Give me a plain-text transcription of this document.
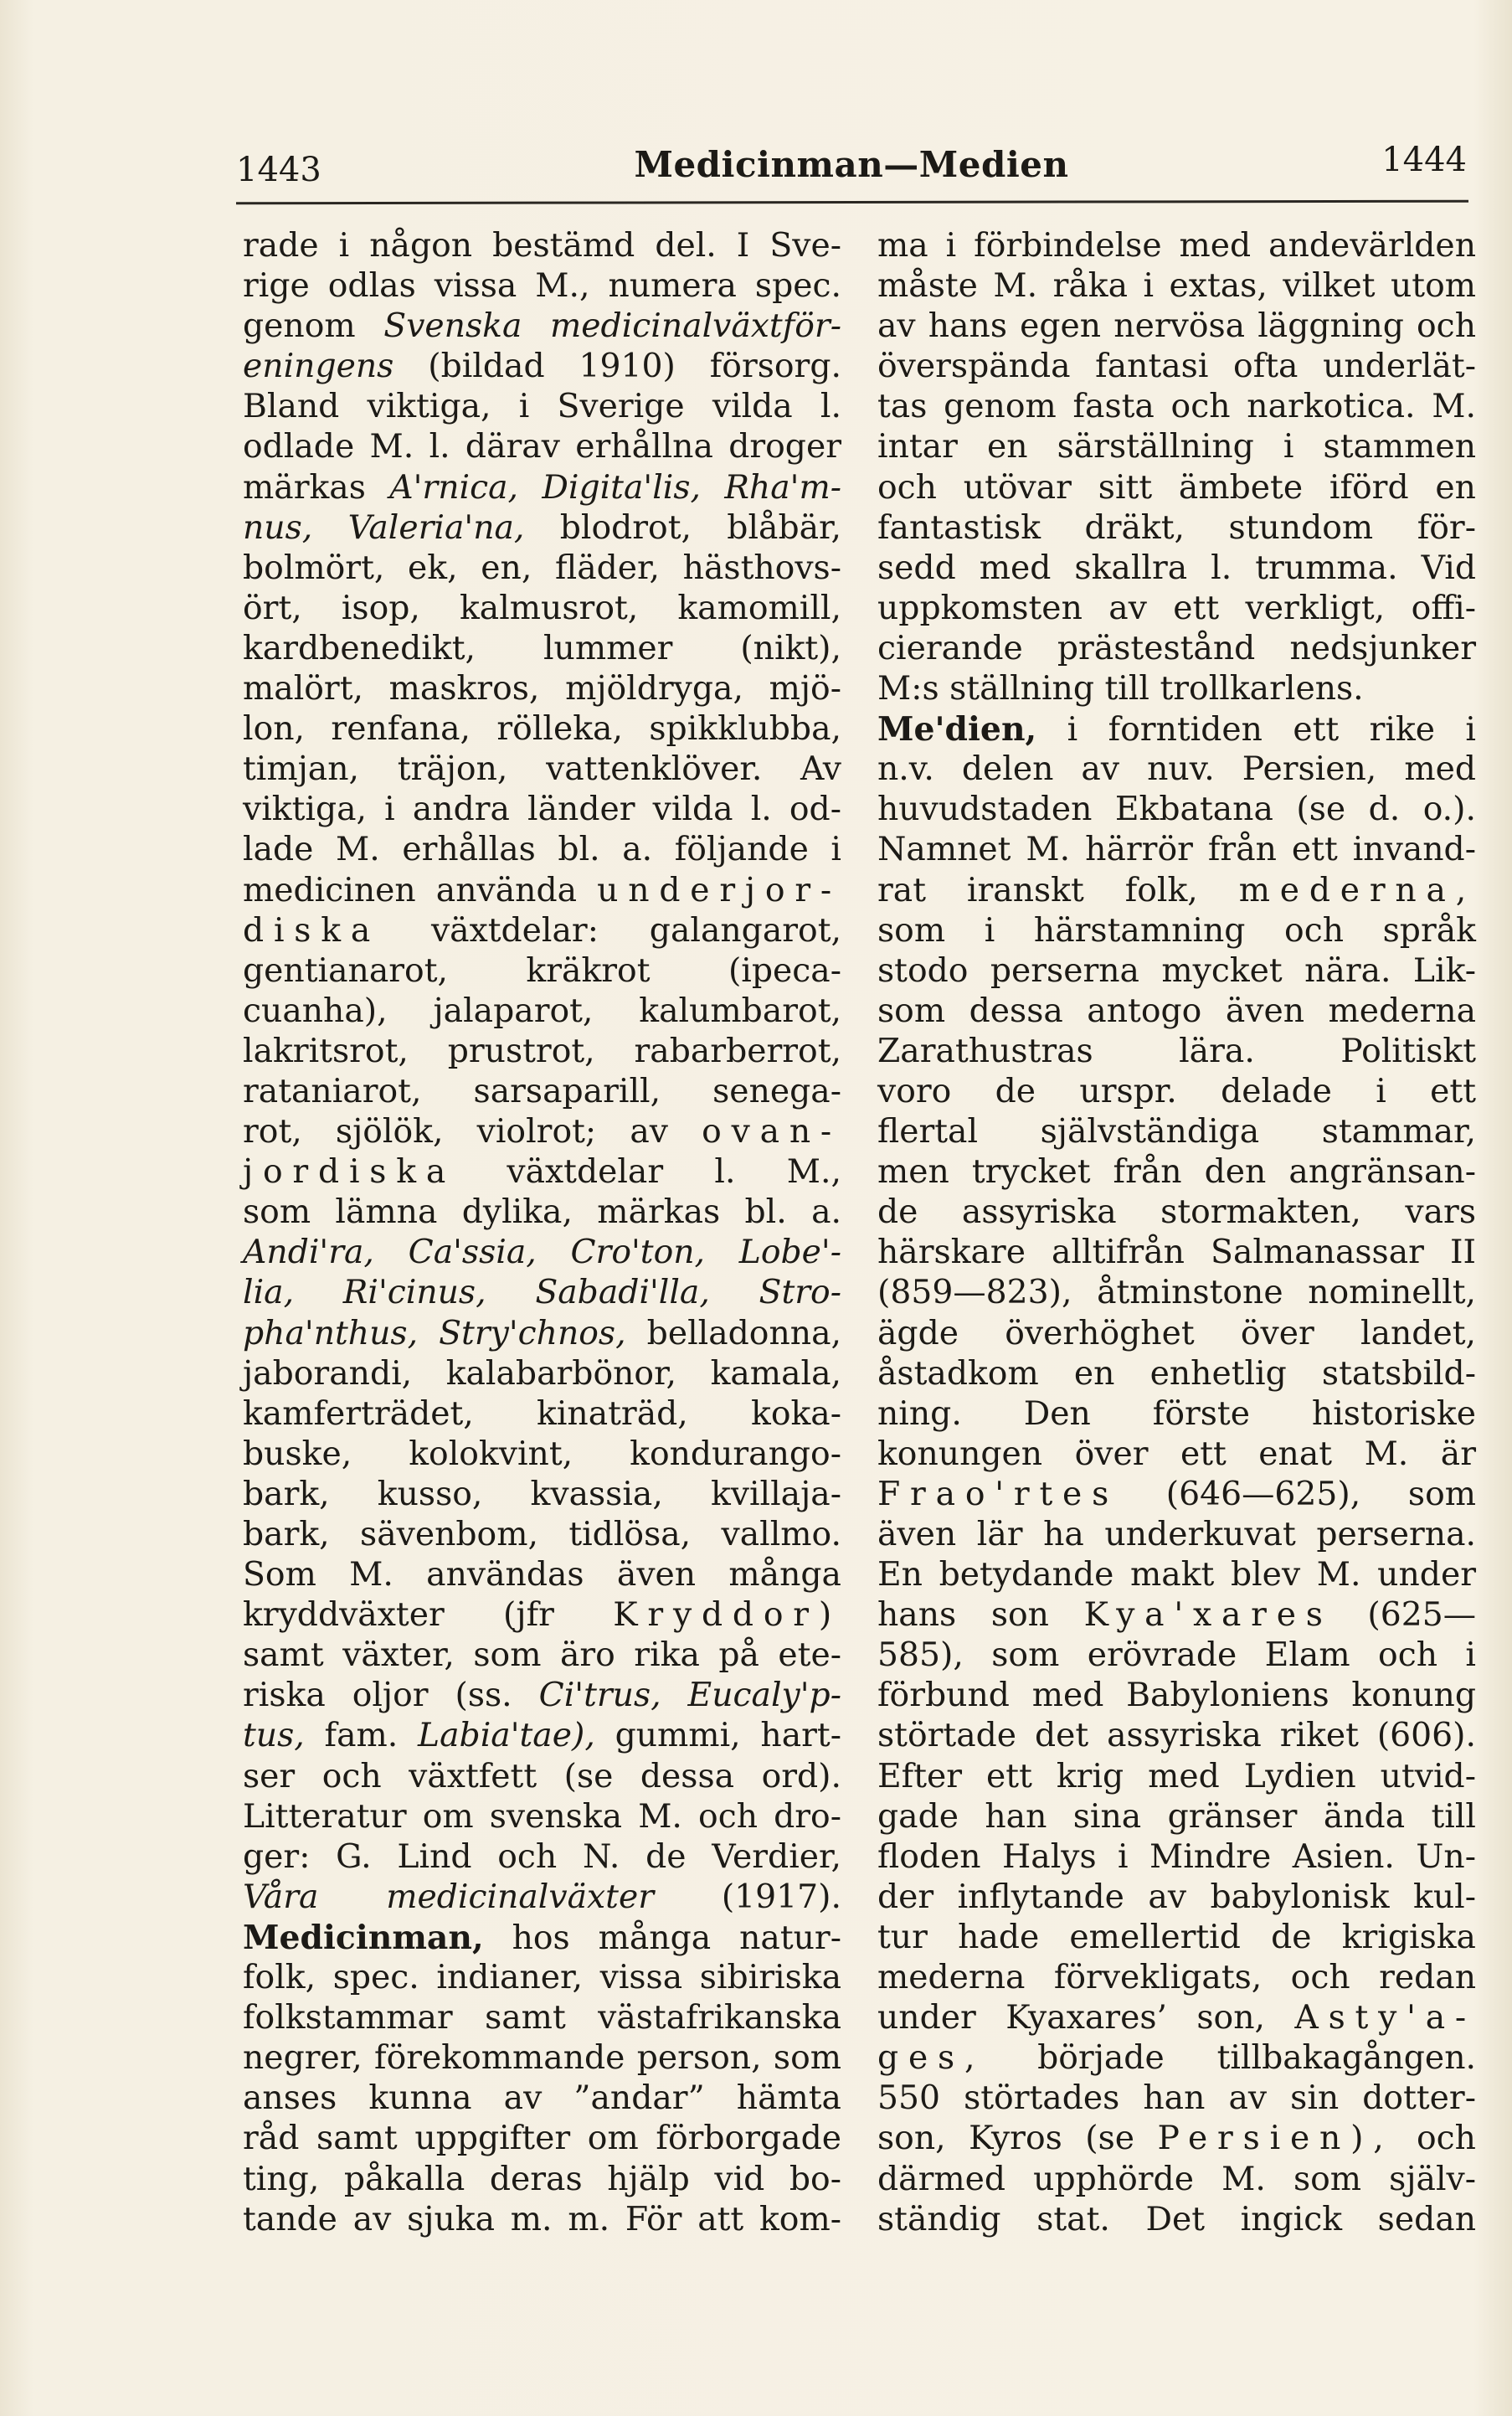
1443	Medicinman—Medien	1444
rade i någon bestämd del. I Sve-
rige odlas vissa M., numera spec.
genom Svenska medicinalväxtför-
eningens (bildad 1910) försorg.
Bland viktiga, i Sverige vilda l.
odlade M. l. därav erhållna droger
märkas A'rnica, Digita'lis, Rha'm-
nus, Valeria'na, blodrot, blåbär,
bolmört, ek, en, fläder, hästhovs-
ört, isop, kalmusrot, kamomill,
kardbenedikt, lummer (nikt),
malört, maskros, mjöldryga, mjö-
lon, renfana, rölleka, spikklubba,
timjan, träjon, vattenklöver. Av
viktiga, i andra länder vilda l. od-
lade M. erhållas bl. a. följande i
medicinen använda underjor-
diska växtdelar: galangarot,
gentianarot, kräkrot (ipeca-
cuanha), jalaparot, kalumbarot,
lakritsrot, prustrot, rabarberrot,
rataniarot, sarsaparill, senega-
rot, sjölök, violrot; av ovan-
jordiska växtdelar l. M.,
som lämna dylika, märkas bl. a.
Andi'ra, Ca'ssia, Cro'ton, Lobe'-
lia, Ri'cinus, Sabadi'lla, Stro-
pha'nthus, Stry'chnos, belladonna,
jaborandi, kalabarbönor, kamala,
kamferträdet, kinaträd, koka-
buske, kolokvint, kondurango-
bark, kusso, kvassia, kvillaja-
bark, sävenbom, tidlösa, vallmo.
Som M. användas även många
kryddväxter (jfr Kryddor)
samt växter, som äro rika på ete-
riska oljor (ss. Ci'trus, Eucaly'p-
tus, fam. Labia'tae), gummi, hart-
ser och växtfett (se dessa ord).
Litteratur om svenska M. och dro-
ger: G. Lind och N. de Verdier,
Våra medicinalväxter (1917).
Medicinman, hos många natur-
folk, spec. indianer, vissa sibiriska
folkstammar samt västafrikanska
negrer, förekommande person, som
anses kunna av ”andar” hämta
råd samt uppgifter om förborgade
ting, påkalla deras hjälp vid bo-
tande av sjuka m. m. För att kom-
ma i förbindelse med andevärlden
måste M. råka i extas, vilket utom
av hans egen nervösa läggning och
överspända fantasi ofta underlät-
tas genom fasta och narkotica. M.
intar en särställning i stammen
och utövar sitt ämbete iförd en
fantastisk dräkt, stundom för-
sedd med skallra l. trumma. Vid
uppkomsten av ett verkligt, offi-
cierande prästestånd nedsjunker
M:s ställning till trollkarlens.
Me'dien, i forntiden ett rike i
n.v. delen av nuv. Persien, med
huvudstaden Ekbatana (se d. o.).
Namnet M. härrör från ett invand-
rat iranskt folk, mederna,
som i härstamning och språk
stodo perserna mycket nära. Lik-
som dessa antogo även mederna
Zarathustras lära. Politiskt
voro de urspr. delade i ett
flertal självständiga stammar,
men trycket från den angränsan-
de assyriska stormakten, vars
härskare alltifrån Salmanassar II
(859—823), åtminstone nominellt,
ägde överhöghet över landet,
åstadkom en enhetlig statsbild-
ning. Den förste historiske
konungen över ett enat M. är
Frao'rtes (646—625), som
även lär ha underkuvat perserna.
En betydande makt blev M. under
hans son Kya'xares (625—
585), som erövrade Elam och i
förbund med Babyloniens konung
störtade det assyriska riket (606).
Efter ett krig med Lydien utvid-
gade han sina gränser ända till
floden Halys i Mindre Asien. Un-
der inflytande av babylonisk kul-
tur hade emellertid de krigiska
mederna förvekligats, och redan
under Kyaxares’ son, Asty'a-
ges, började tillbakagången.
550 störtades han av sin dotter-
son, Kyros (se Persien), och
därmed upphörde M. som själv-
ständig stat. Det ingick sedan
